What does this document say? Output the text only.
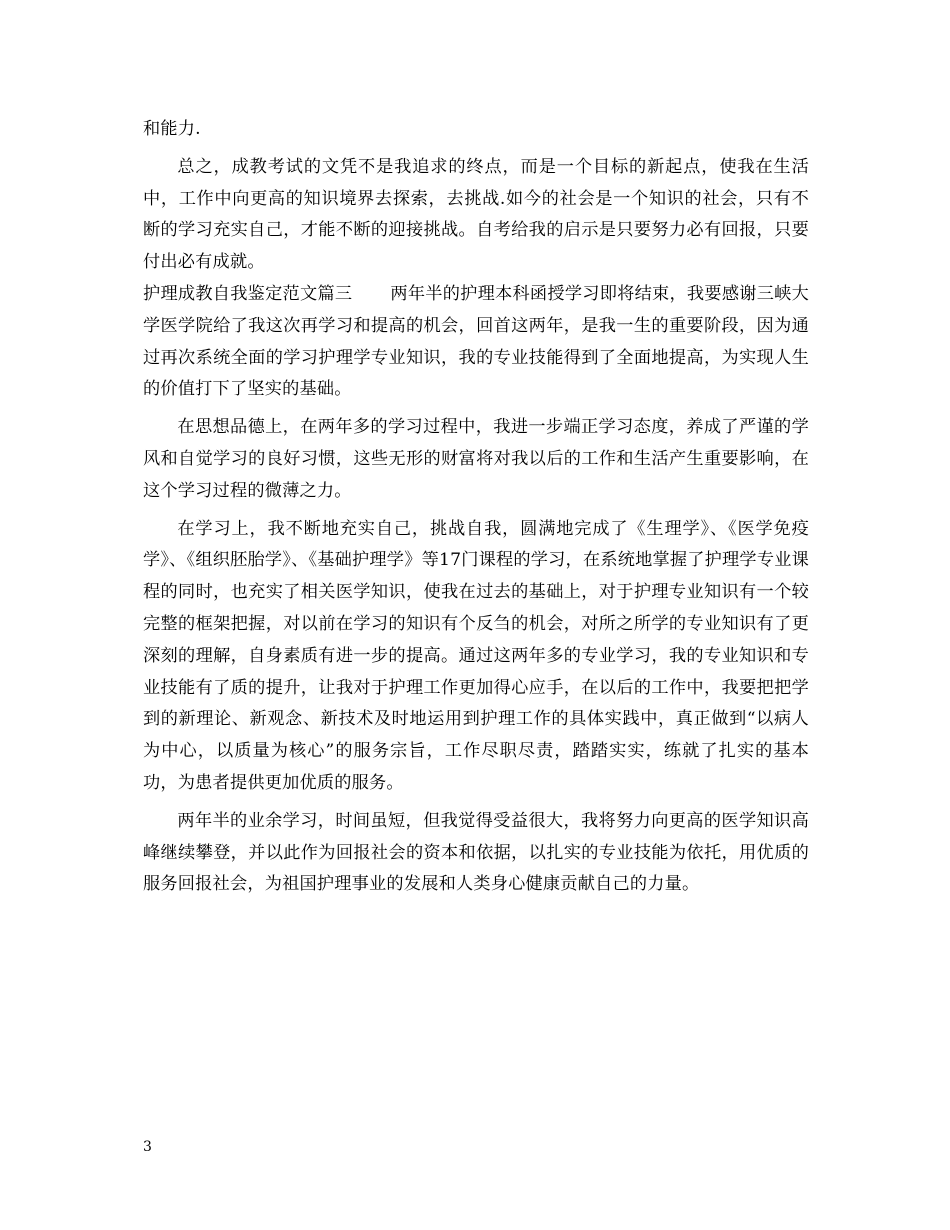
和能力.

总之，成教考试的文凭不是我追求的终点，而是一个目标的新起点，使我在生活中，工作中向更高的知识境界去探索，去挑战.如今的社会是一个知识的社会，只有不断的学习充实自己，才能不断的迎接挑战。自考给我的启示是只要努力必有回报，只要付出必有成就。

护理成教自我鉴定范文篇三 两年半的护理本科函授学习即将结束，我要感谢三峡大学医学院给了我这次再学习和提高的机会，回首这两年，是我一生的重要阶段，因为通过再次系统全面的学习护理学专业知识，我的专业技能得到了全面地提高，为实现人生的价值打下了坚实的基础。

在思想品德上，在两年多的学习过程中，我进一步端正学习态度，养成了严谨的学风和自觉学习的良好习惯，这些无形的财富将对我以后的工作和生活产生重要影响，在这个学习过程的微薄之力。

在学习上，我不断地充实自己，挑战自我，圆满地完成了《生理学》、《医学免疫学》、《组织胚胎学》、《基础护理学》等17门课程的学习，在系统地掌握了护理学专业课程的同时，也充实了相关医学知识，使我在过去的基础上，对于护理专业知识有一个较完整的框架把握，对以前在学习的知识有个反刍的机会，对所之所学的专业知识有了更深刻的理解，自身素质有进一步的提高。通过这两年多的专业学习，我的专业知识和专业技能有了质的提升，让我对于护理工作更加得心应手，在以后的工作中，我要把把学到的新理论、新观念、新技术及时地运用到护理工作的具体实践中，真正做到“以病人为中心，以质量为核心”的服务宗旨，工作尽职尽责，踏踏实实，练就了扎实的基本功，为患者提供更加优质的服务。

两年半的业余学习，时间虽短，但我觉得受益很大，我将努力向更高的医学知识高峰继续攀登，并以此作为回报社会的资本和依据，以扎实的专业技能为依托，用优质的服务回报社会，为祖国护理事业的发展和人类身心健康贡献自己的力量。

3
